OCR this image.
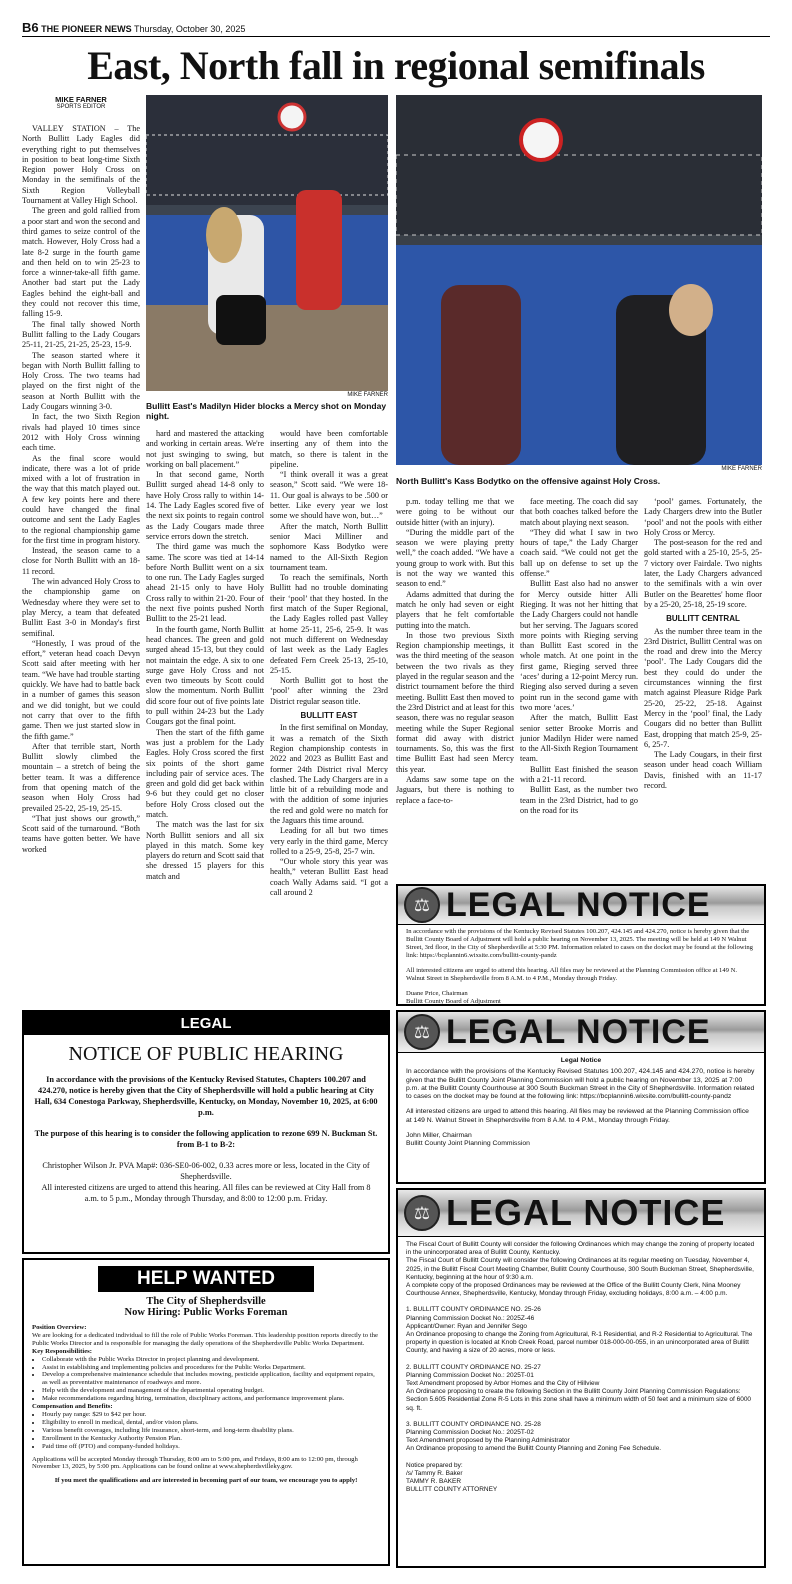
B6 THE PIONEER NEWS Thursday, October 30, 2025
East, North fall in regional semifinals
MIKE FARNER
SPORTS EDITOR

VALLEY STATION – The North Bullitt Lady Eagles did everything right to put themselves in position to beat long-time Sixth Region power Holy Cross on Monday in the semifinals of the Sixth Region Volleyball Tournament at Valley High School.

The green and gold rallied from a poor start and won the second and third games to seize control of the match. However, Holy Cross had a late 8-2 surge in the fourth game and then held on to win 25-23 to force a winner-take-all fifth game. Another bad start put the Lady Eagles behind the eight-ball and they could not recover this time, falling 15-9.

The final tally showed North Bullitt falling to the Lady Cougars 25-11, 21-25, 21-25, 25-23, 15-9.

The season started where it began with North Bullitt falling to Holy Cross. The two teams had played on the first night of the season at North Bullitt with the Lady Cougars winning 3-0.

In fact, the two Sixth Region rivals had played 10 times since 2012 with Holy Cross winning each time.

As the final score would indicate, there was a lot of pride mixed with a lot of frustration in the way that this match played out. A few key points here and there could have changed the final outcome and sent the Lady Eagles to the regional championship game for the first time in program history.

Instead, the season came to a close for North Bullitt with an 18-11 record.

The win advanced Holy Cross to the championship game on Wednesday where they were set to play Mercy, a team that defeated Bullitt East 3-0 in Monday's first semifinal.

“Honestly, I was proud of the effort,” veteran head coach Devyn Scott said after meeting with her team. “We have had trouble starting quickly. We have had to battle back in a number of games this season and we did tonight, but we could not carry that over to the fifth game. Then we just started slow in the fifth game.”

After that terrible start, North Bullitt slowly climbed the mountain – a stretch of being the better team. It was a difference from that opening match of the season when Holy Cross had prevailed 25-22, 25-19, 25-15.

“That just shows our growth,” Scott said of the turnaround. “Both teams have gotten better. We have worked

MIKE FARNER
Bullitt East's Madilyn Hider blocks a Mercy shot on Monday night.
MIKE FARNER
North Bullitt's Kass Bodytko on the offensive against Holy Cross.

hard and mastered the attacking and working in certain areas. We're not just swinging to swing, but working on ball placement.”

In that second game, North Bullitt surged ahead 14-8 only to have Holy Cross rally to within 14-14. The Lady Eagles scored five of the next six points to regain control as the Lady Cougars made three service errors down the stretch.

The third game was much the same. The score was tied at 14-14 before North Bullitt went on a six to one run. The Lady Eagles surged ahead 21-15 only to have Holy Cross rally to within 21-20. Four of the next five points pushed North Bullitt to the 25-21 lead.

In the fourth game, North Bullitt head chances. The green and gold surged ahead 15-13, but they could not maintain the edge. A six to one surge gave Holy Cross and not even two timeouts by Scott could slow the momentum. North Bullitt did score four out of five points late to pull within 24-23 but the Lady Cougars got the final point.

Then the start of the fifth game was just a problem for the Lady Eagles. Holy Cross scored the first six points of the short game including pair of service aces. The green and gold did get back within 9-6 but they could get no closer before Holy Cross closed out the match.

The match was the last for six North Bullitt seniors and all six played in this match. Some key players do return and Scott said that she dressed 15 players for this match and

would have been comfortable inserting any of them into the match, so there is talent in the pipeline.

“I think overall it was a great season,” Scott said. “We were 18-11. Our goal is always to be .500 or better. Like every year we lost some we should have won, but…”

After the match, North Bullitt senior Maci Milliner and sophomore Kass Bodytko were named to the All-Sixth Region tournament team.

To reach the semifinals, North Bullitt had no trouble dominating their ‘pool’ that they hosted. In the first match of the Super Regional, the Lady Eagles rolled past Valley at home 25-11, 25-6, 25-9. It was not much different on Wednesday of last week as the Lady Eagles defeated Fern Creek 25-13, 25-10, 25-15.

North Bullitt got to host the ‘pool’ after winning the 23rd District regular season title.

BULLITT EAST

In the first semifinal on Monday, it was a rematch of the Sixth Region championship contests in 2022 and 2023 as Bullitt East and former 24th District rival Mercy clashed. The Lady Chargers are in a little bit of a rebuilding mode and with the addition of some injuries the red and gold were no match for the Jaguars this time around.

Leading for all but two times very early in the third game, Mercy rolled to a 25-9, 25-8, 25-7 win.

“Our whole story this year was health,” veteran Bullitt East head coach Wally Adams said. “I got a call around 2

p.m. today telling me that we were going to be without our outside hitter (with an injury).

“During the middle part of the season we were playing pretty well,” the coach added. “We have a young group to work with. But this is not the way we wanted this season to end.”

Adams admitted that during the match he only had seven or eight players that he felt comfortable putting into the match.

In those two previous Sixth Region championship meetings, it was the third meeting of the season between the two rivals as they played in the regular season and the district tournament before the third meeting. Bullitt East then moved to the 23rd District and at least for this season, there was no regular season meeting while the Super Regional format did away with district tournaments. So, this was the first time Bullitt East had seen Mercy this year.

Adams saw some tape on the Jaguars, but there is nothing to replace a face-to-

face meeting. The coach did say that both coaches talked before the match about playing next season.

“They did what I saw in two hours of tape,” the Lady Charger coach said. “We could not get the ball up on defense to set up the offense.”

Bullitt East also had no answer for Mercy outside hitter Alli Rieging. It was not her hitting that the Lady Chargers could not handle but her serving. The Jaguars scored more points with Rieging serving than Bullitt East scored in the whole match. At one point in the first game, Rieging served three ‘aces’ during a 12-point Mercy run. Rieging also served during a seven point run in the second game with two more ‘aces.’

After the match, Bullitt East senior setter Brooke Morris and junior Madilyn Hider were named to the All-Sixth Region Tournament team.

Bullitt East finished the season with a 21-11 record.

Bullitt East, as the number two team in the 23rd District, had to go on the road for its

‘pool’ games. Fortunately, the Lady Chargers drew into the Butler ‘pool’ and not the pools with either Holy Cross or Mercy.

The post-season for the red and gold started with a 25-10, 25-5, 25-7 victory over Fairdale. Two nights later, the Lady Chargers advanced to the semifinals with a win over Butler on the Bearettes' home floor by a 25-20, 25-18, 25-19 score.

BULLITT CENTRAL

As the number three team in the 23rd District, Bullitt Central was on the road and drew into the Mercy ‘pool’. The Lady Cougars did the best they could do under the circumstances winning the first match against Pleasure Ridge Park 25-20, 25-22, 25-18. Against Mercy in the ‘pool’ final, the Lady Cougars did no better than Bullitt East, dropping that match 25-9, 25-6, 25-7.

The Lady Cougars, in their first season under head coach William Davis, finished with an 11-17 record.

⚖ LEGAL NOTICE

In accordance with the provisions of the Kentucky Revised Statutes 100.207, 424.145 and 424.270, notice is hereby given that the Bullitt County Board of Adjustment will hold a public hearing on November 13, 2025. The meeting will be held at 149 N Walnut Street, 3rd floor, in the City of Shepherdsville at 5:30 PM. Information related to cases on the docket may be found at the following link: https://bcplannin6.wixsite.com/bullitt-county-pandz

All interested citizens are urged to attend this hearing. All files may be reviewed at the Planning Commission office at 149 N. Walnut Street in Shepherdsville from 8 A.M. to 4 P.M., Monday through Friday.

Duane Price, Chairman
Bullitt County Board of Adjustment
⚖ LEGAL NOTICE
Legal Notice

In accordance with the provisions of the Kentucky Revised Statutes 100.207, 424.145 and 424.270, notice is hereby given that the Bullitt County Joint Planning Commission will hold a public hearing on November 13, 2025 at 7:00 p.m. at the Bullitt County Courthouse at 300 South Buckman Street in the City of Shepherdsville. Information related to cases on the docket may be found at the following link: https://bcplannin6.wixsite.com/bullitt-county-pandz

All interested citizens are urged to attend this hearing. All files may be reviewed at the Planning Commission office at 149 N. Walnut Street in Shepherdsville from 8 A.M. to 4 P.M., Monday through Friday.

John Miller, Chairman
Bullitt County Joint Planning Commission
⚖ LEGAL NOTICE
The Fiscal Court of Bullitt County will consider the following Ordinances which may change the zoning of property located in the unincorporated area of Bullitt County, Kentucky.
The Fiscal Court of Bullitt County will consider the following Ordinances at its regular meeting on Tuesday, November 4, 2025, in the Bullitt Fiscal Court Meeting Chamber, Bullitt County Courthouse, 300 South Buckman Street, Shepherdsville, Kentucky, beginning at the hour of 9:30 a.m.
A complete copy of the proposed Ordinances may be reviewed at the Office of the Bullitt County Clerk, Nina Mooney Courthouse Annex, Shepherdsville, Kentucky, Monday through Friday, excluding holidays, 8:00 a.m. – 4:00 p.m.
1. BULLITT COUNTY ORDINANCE NO. 25-26
Planning Commission Docket No.: 2025Z-46
Applicant/Owner: Ryan and Jennifer Sego
An Ordinance proposing to change the Zoning from Agricultural, R-1 Residential, and R-2 Residential to Agricultural. The property in question is located at Knob Creek Road, parcel number 018-000-00-055, in an unincorporated area of Bullitt County, and having a size of 20 acres, more or less.
2. BULLITT COUNTY ORDINANCE NO. 25-27
Planning Commission Docket No.: 2025T-01
Text Amendment proposed by Arbor Homes and the City of Hillview
An Ordinance proposing to create the following Section in the Bullitt County Joint Planning Commission Regulations: Section 5.605 Residential Zone R-5 Lots in this zone shall have a minimum width of 50 feet and a minimum size of 6000 sq. ft.
3. BULLITT COUNTY ORDINANCE NO. 25-28
Planning Commission Docket No.: 2025T-02
Text Amendment proposed by the Planning Administrator
An Ordinance proposing to amend the Bullitt County Planning and Zoning Fee Schedule.
Notice prepared by:
/s/ Tammy R. Baker
TAMMY R. BAKER
BULLITT COUNTY ATTORNEY
LEGAL
NOTICE OF PUBLIC HEARING
In accordance with the provisions of the Kentucky Revised Statutes, Chapters 100.207 and 424.270, notice is hereby given that the City of Shepherdsville will hold a public hearing at City Hall, 634 Conestoga Parkway, Shepherdsville, Kentucky, on Monday, November 10, 2025, at 6:00 p.m.
The purpose of this hearing is to consider the following application to rezone 699 N. Buckman St. from B-1 to B-2:
Christopher Wilson Jr. PVA Map#: 036-SE0-06-002, 0.33 acres more or less, located in the City of Shepherdsville.
All interested citizens are urged to attend this hearing. All files can be reviewed at City Hall from 8 a.m. to 5 p.m., Monday through Thursday, and 8:00 to 12:00 p.m. Friday.
HELP WANTED
The City of Shepherdsville
Now Hiring: Public Works Foreman
Position Overview:
We are looking for a dedicated individual to fill the role of Public Works Foreman. This leadership position reports directly to the Public Works Director and is responsible for managing the daily operations of the Shepherdsville Public Works Department.
Key Responsibilities:
• Collaborate with the Public Works Director in project planning and development.
• Assist in establishing and implementing policies and procedures for the Public Works Department.
• Develop a comprehensive maintenance schedule that includes mowing, pesticide application, facility and equipment repairs, as well as preventative maintenance of roadways and more.
• Help with the development and management of the departmental operating budget.
• Make recommendations regarding hiring, termination, disciplinary actions, and performance improvement plans.
Compensation and Benefits:
• Hourly pay range: $29 to $42 per hour.
• Eligibility to enroll in medical, dental, and/or vision plans.
• Various benefit coverages, including life insurance, short-term, and long-term disability plans.
• Enrollment in the Kentucky Authority Pension Plan.
• Paid time off (PTO) and company-funded holidays.
Applications will be accepted Monday through Thursday, 8:00 am to 5:00 pm, and Fridays, 8:00 am to 12:00 pm, through November 13, 2025, by 5:00 pm. Applications can be found online at www.shepherdsvilleky.gov.
If you meet the qualifications and are interested in becoming part of our team, we encourage you to apply!
